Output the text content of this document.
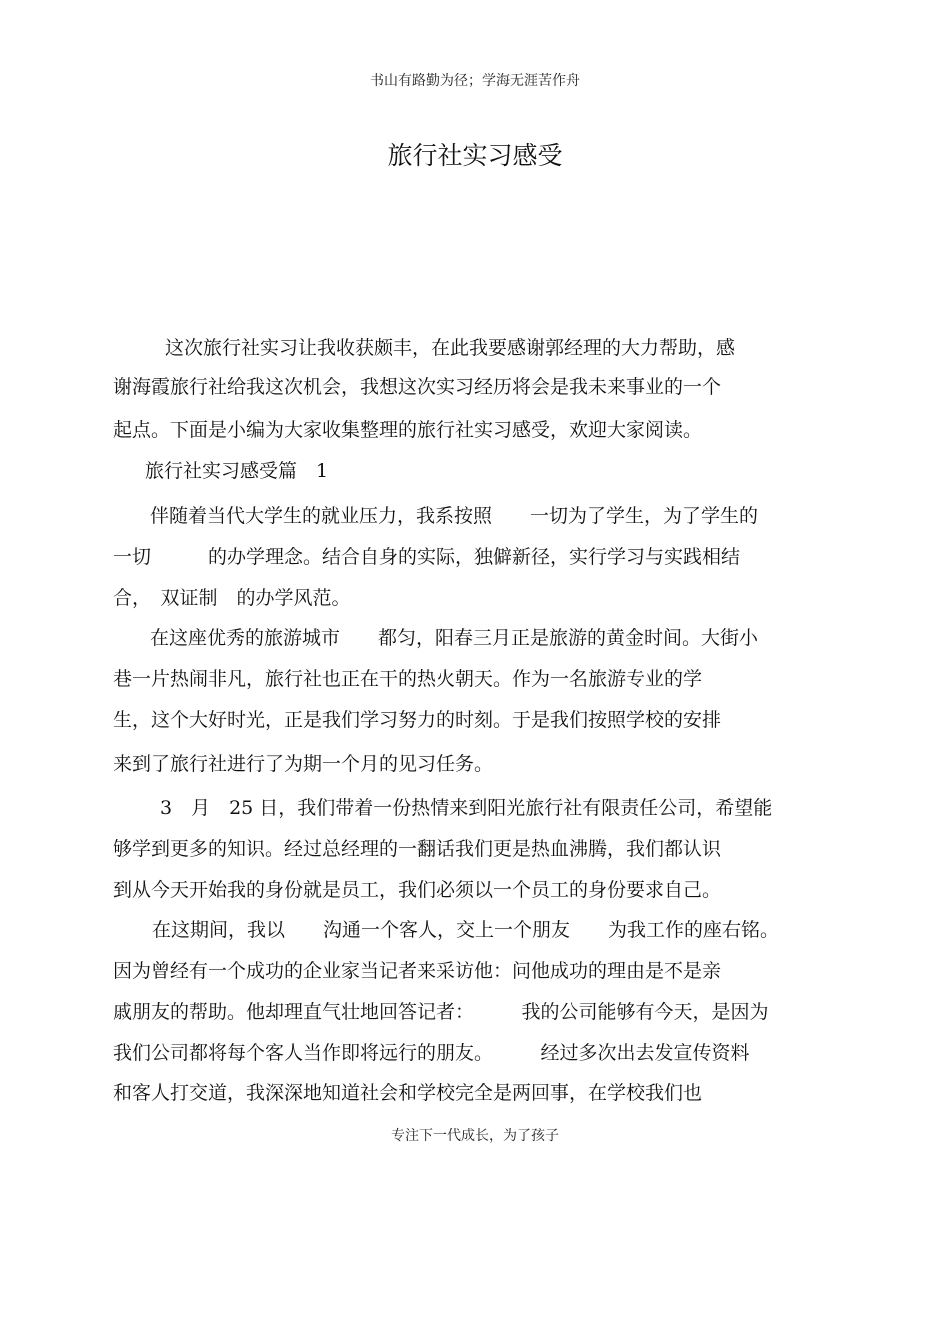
书山有路勤为径；学海无涯苦作舟
旅行社实习感受
这次旅行社实习让我收获颇丰，在此我要感谢郭经理的大力帮助，感
谢海霞旅行社给我这次机会，我想这次实习经历将会是我未来事业的一个
起点。下面是小编为大家收集整理的旅行社实习感受，欢迎大家阅读。
旅行社实习感受篇　1
伴随着当代大学生的就业压力，我系按照　　一切为了学生，为了学生的
一切　　　的办学理念。结合自身的实际，独僻新径，实行学习与实践相结
合，　双证制　的办学风范。
在这座优秀的旅游城市　　都匀，阳春三月正是旅游的黄金时间。大街小
巷一片热闹非凡，旅行社也正在干的热火朝天。作为一名旅游专业的学
生，这个大好时光，正是我们学习努力的时刻。于是我们按照学校的安排
来到了旅行社进行了为期一个月的见习任务。
3　月　25 日，我们带着一份热情来到阳光旅行社有限责任公司，希望能
够学到更多的知识。经过总经理的一翻话我们更是热血沸腾，我们都认识
到从今天开始我的身份就是员工，我们必须以一个员工的身份要求自己。
在这期间，我以　　沟通一个客人，交上一个朋友　　为我工作的座右铭。
因为曾经有一个成功的企业家当记者来采访他：问他成功的理由是不是亲
戚朋友的帮助。他却理直气壮地回答记者：　　　我的公司能够有今天，是因为
我们公司都将每个客人当作即将远行的朋友。　　　经过多次出去发宣传资料
和客人打交道，我深深地知道社会和学校完全是两回事，在学校我们也
专注下一代成长，为了孩子
